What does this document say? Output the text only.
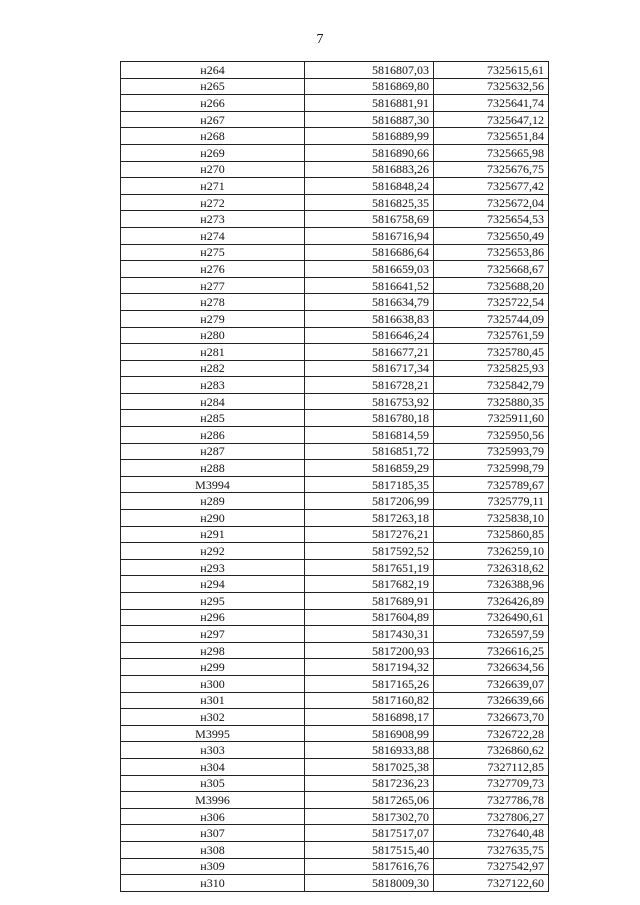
7
н264	5816807,03	7325615,61
н265	5816869,80	7325632,56
н266	5816881,91	7325641,74
н267	5816887,30	7325647,12
н268	5816889,99	7325651,84
н269	5816890,66	7325665,98
н270	5816883,26	7325676,75
н271	5816848,24	7325677,42
н272	5816825,35	7325672,04
н273	5816758,69	7325654,53
н274	5816716,94	7325650,49
н275	5816686,64	7325653,86
н276	5816659,03	7325668,67
н277	5816641,52	7325688,20
н278	5816634,79	7325722,54
н279	5816638,83	7325744,09
н280	5816646,24	7325761,59
н281	5816677,21	7325780,45
н282	5816717,34	7325825,93
н283	5816728,21	7325842,79
н284	5816753,92	7325880,35
н285	5816780,18	7325911,60
н286	5816814,59	7325950,56
н287	5816851,72	7325993,79
н288	5816859,29	7325998,79
М3994	5817185,35	7325789,67
н289	5817206,99	7325779,11
н290	5817263,18	7325838,10
н291	5817276,21	7325860,85
н292	5817592,52	7326259,10
н293	5817651,19	7326318,62
н294	5817682,19	7326388,96
н295	5817689,91	7326426,89
н296	5817604,89	7326490,61
н297	5817430,31	7326597,59
н298	5817200,93	7326616,25
н299	5817194,32	7326634,56
н300	5817165,26	7326639,07
н301	5817160,82	7326639,66
н302	5816898,17	7326673,70
М3995	5816908,99	7326722,28
н303	5816933,88	7326860,62
н304	5817025,38	7327112,85
н305	5817236,23	7327709,73
М3996	5817265,06	7327786,78
н306	5817302,70	7327806,27
н307	5817517,07	7327640,48
н308	5817515,40	7327635,75
н309	5817616,76	7327542,97
н310	5818009,30	7327122,60
